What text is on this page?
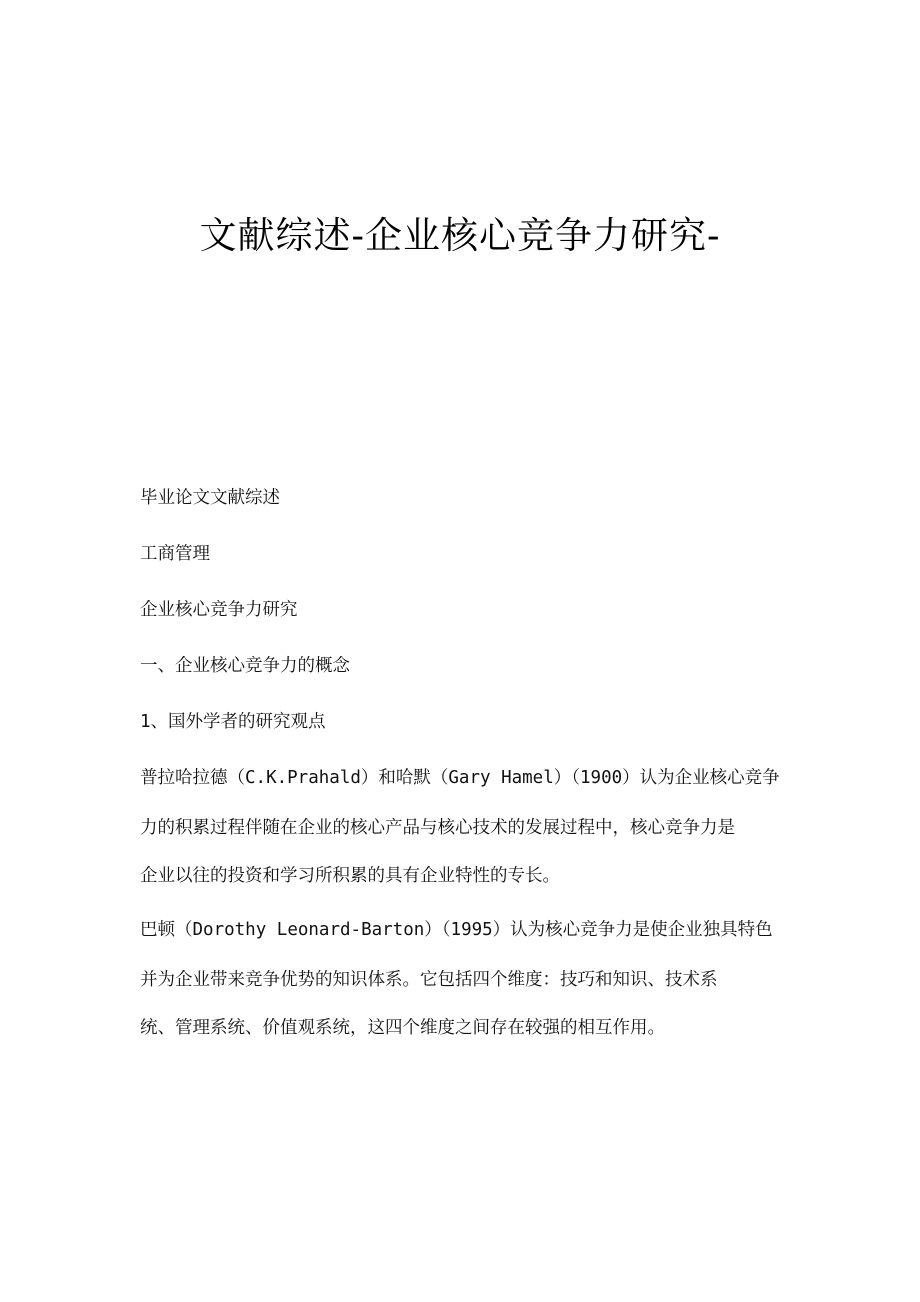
文献综述-企业核心竞争力研究-
毕业论文文献综述
工商管理
企业核心竞争力研究
一、企业核心竞争力的概念
1、国外学者的研究观点
普拉哈拉德（C.K.Prahald）和哈默（Gary Hamel）（1900）认为企业核心竞争
力的积累过程伴随在企业的核心产品与核心技术的发展过程中，核心竞争力是
企业以往的投资和学习所积累的具有企业特性的专长。
巴顿（Dorothy Leonard-Barton）（1995）认为核心竞争力是使企业独具特色
并为企业带来竞争优势的知识体系。它包括四个维度：技巧和知识、技术系
统、管理系统、价值观系统，这四个维度之间存在较强的相互作用。
